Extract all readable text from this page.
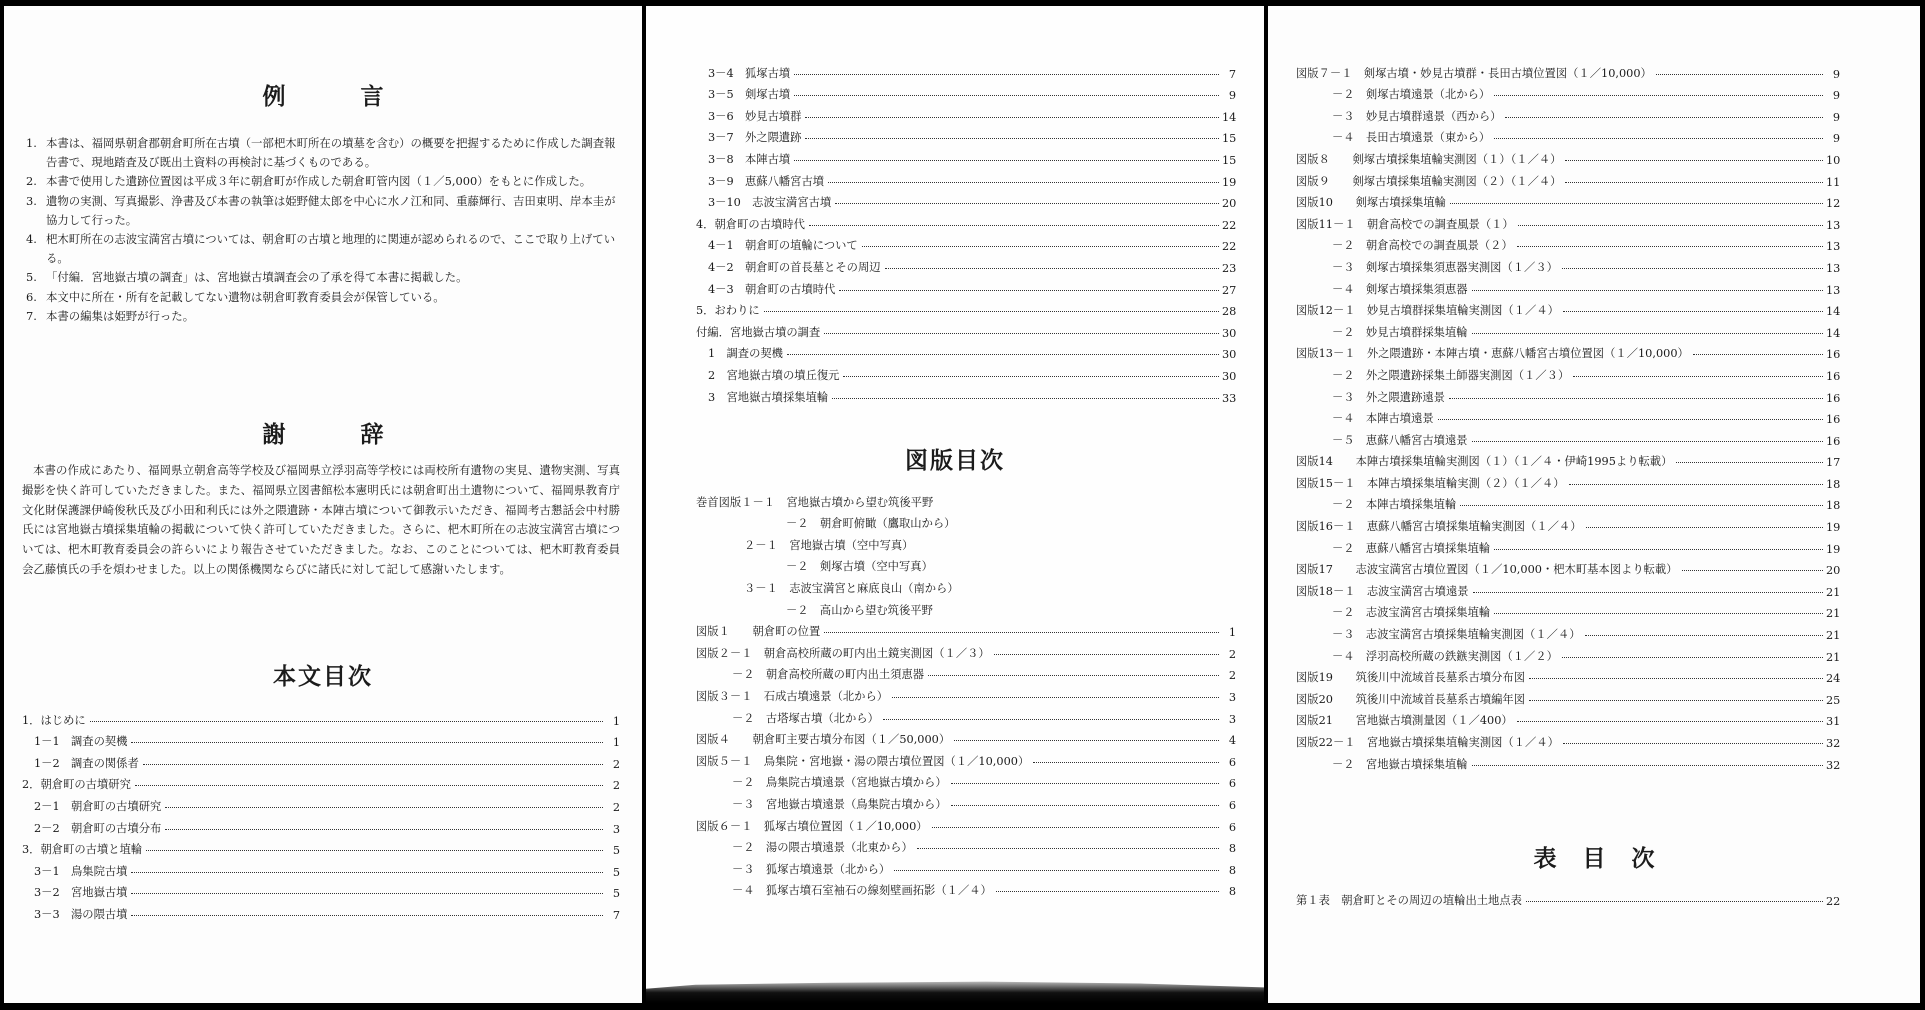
例　言
1. 本書は、福岡県朝倉郡朝倉町所在古墳（一部杷木町所在の墳墓を含む）の概要を把握するために作成した調査報告書で、現地踏査及び既出土資料の再検討に基づくものである。
2. 本書で使用した遺跡位置図は平成３年に朝倉町が作成した朝倉町管内図（１／5,000）をもとに作成した。
3. 遺物の実測、写真撮影、浄書及び本書の執筆は姫野健太郎を中心に水ノ江和同、重藤輝行、吉田東明、岸本圭が協力して行った。
4. 杷木町所在の志波宝満宮古墳については、朝倉町の古墳と地理的に関連が認められるので、ここで取り上げている。
5. 「付編．宮地嶽古墳の調査」は、宮地嶽古墳調査会の了承を得て本書に掲載した。
6. 本文中に所在・所有を記載してない遺物は朝倉町教育委員会が保管している。
7. 本書の編集は姫野が行った。
謝　辞
本書の作成にあたり、福岡県立朝倉高等学校及び福岡県立浮羽高等学校には両校所有遺物の実見、遺物実測、写真撮影を快く許可していただきました。また、福岡県立図書館松本憲明氏には朝倉町出土遺物について、福岡県教育庁文化財保護課伊崎俊秋氏及び小田和利氏には外之隈遺跡・本陣古墳について御教示いただき、福岡考古懇話会中村勝氏には宮地嶽古墳採集埴輪の掲載について快く許可していただきました。さらに、杷木町所在の志波宝満宮古墳については、杷木町教育委員会の許らいにより報告させていただきました。なお、このことについては、杷木町教育委員会乙藤慎氏の手を煩わせました。以上の関係機関ならびに諸氏に対して記して感謝いたします。
本文目次
1．はじめに	1
1－1　調査の契機	1
1－2　調査の関係者	2
2．朝倉町の古墳研究	2
2－1　朝倉町の古墳研究	2
2－2　朝倉町の古墳分布	3
3．朝倉町の古墳と埴輪	5
3－1　鳥集院古墳	5
3－2　宮地嶽古墳	5
3－3　湯の隈古墳	7
3－4　狐塚古墳	7
3－5　剣塚古墳	9
3－6　妙見古墳群	14
3－7　外之隈遺跡	15
3－8　本陣古墳	15
3－9　恵蘇八幡宮古墳	19
3－10　志波宝満宮古墳	20
4．朝倉町の古墳時代	22
4－1　朝倉町の埴輪について	22
4－2　朝倉町の首長墓とその周辺	23
4－3　朝倉町の古墳時代	27
5．おわりに	28
付編．宮地嶽古墳の調査	30
1　調査の契機	30
2　宮地嶽古墳の墳丘復元	30
3　宮地嶽古墳採集埴輪	33
図版目次
巻首図版１－１　宮地嶽古墳から望む筑後平野
－２　朝倉町俯瞰（鷹取山から）
２－１　宮地嶽古墳（空中写真）
－２　剣塚古墳（空中写真）
３－１　志波宝満宮と麻底良山（南から）
－２　高山から望む筑後平野
図版１　　朝倉町の位置	1
図版２－１　朝倉高校所蔵の町内出土鏡実測図（１／３）	2
－２　朝倉高校所蔵の町内出土須恵器	2
図版３－１　石成古墳遠景（北から）	3
－２　古塔塚古墳（北から）	3
図版４　　朝倉町主要古墳分布図（１／50,000）	4
図版５－１　鳥集院・宮地嶽・湯の隈古墳位置図（１／10,000）	6
－２　鳥集院古墳遠景（宮地嶽古墳から）	6
－３　宮地嶽古墳遠景（鳥集院古墳から）	6
図版６－１　狐塚古墳位置図（１／10,000）	6
－２　湯の隈古墳遠景（北東から）	8
－３　狐塚古墳遠景（北から）	8
－４　狐塚古墳石室袖石の線刻壁画拓影（１／４）	8
図版７－１　剣塚古墳・妙見古墳群・長田古墳位置図（１／10,000）	9
－２　剣塚古墳遠景（北から）	9
－３　妙見古墳群遠景（西から）	9
－４　長田古墳遠景（東から）	9
図版８　　剣塚古墳採集埴輪実測図（１）（１／４）	10
図版９　　剣塚古墳採集埴輪実測図（２）（１／４）	11
図版10　　剣塚古墳採集埴輪	12
図版11－１　朝倉高校での調査風景（１）	13
－２　朝倉高校での調査風景（２）	13
－３　剣塚古墳採集須恵器実測図（１／３）	13
－４　剣塚古墳採集須恵器	13
図版12－１　妙見古墳群採集埴輪実測図（１／４）	14
－２　妙見古墳群採集埴輪	14
図版13－１　外之隈遺跡・本陣古墳・恵蘇八幡宮古墳位置図（１／10,000）	16
－２　外之隈遺跡採集土師器実測図（１／３）	16
－３　外之隈遺跡遠景	16
－４　本陣古墳遠景	16
－５　恵蘇八幡宮古墳遠景	16
図版14　　本陣古墳採集埴輪実測図（１）（１／４・伊崎1995より転載）	17
図版15－１　本陣古墳採集埴輪実測（２）（１／４）	18
－２　本陣古墳採集埴輪	18
図版16－１　恵蘇八幡宮古墳採集埴輪実測図（１／４）	19
－２　恵蘇八幡宮古墳採集埴輪	19
図版17　　志波宝満宮古墳位置図（１／10,000・杷木町基本図より転載）	20
図版18－１　志波宝満宮古墳遠景	21
－２　志波宝満宮古墳採集埴輪	21
－３　志波宝満宮古墳採集埴輪実測図（１／４）	21
－４　浮羽高校所蔵の鉄鏃実測図（１／２）	21
図版19　　筑後川中流域首長墓系古墳分布図	24
図版20　　筑後川中流域首長墓系古墳編年図	25
図版21　　宮地嶽古墳測量図（１／400）	31
図版22－１　宮地嶽古墳採集埴輪実測図（１／４）	32
－２　宮地嶽古墳採集埴輪	32
表目次
第１表　朝倉町とその周辺の埴輪出土地点表	22
